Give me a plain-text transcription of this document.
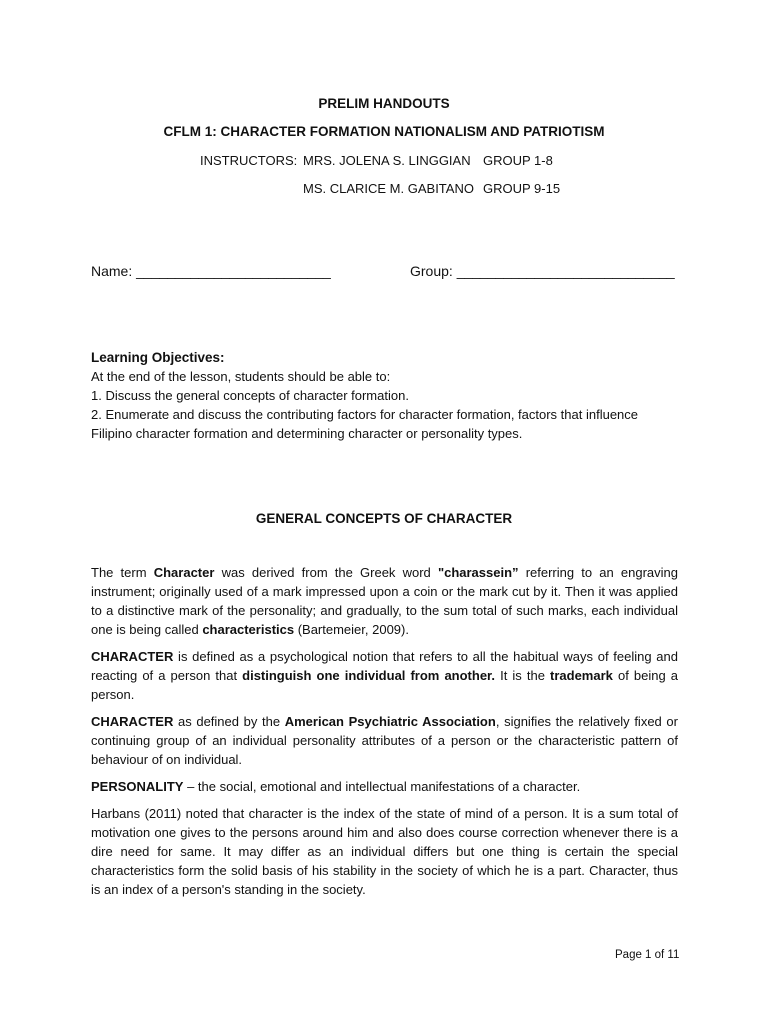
PRELIM HANDOUTS
CFLM 1: CHARACTER FORMATION NATIONALISM AND PATRIOTISM
INSTRUCTORS: MRS. JOLENA S. LINGGIAN GROUP 1-8
MS. CLARICE M. GABITANO GROUP 9-15
Name: _________________________	Group: ____________________________
Learning Objectives:
At the end of the lesson, students should be able to:
1. Discuss the general concepts of character formation.
2. Enumerate and discuss the contributing factors for character formation, factors that influence Filipino character formation and determining character or personality types.
GENERAL CONCEPTS OF CHARACTER

The term Character was derived from the Greek word "charassein” referring to an engraving instrument; originally used of a mark impressed upon a coin or the mark cut by it. Then it was applied to a distinctive mark of the personality; and gradually, to the sum total of such marks, each individual one is being called characteristics (Bartemeier, 2009).

CHARACTER is defined as a psychological notion that refers to all the habitual ways of feeling and reacting of a person that distinguish one individual from another. It is the trademark of being a person.

CHARACTER as defined by the American Psychiatric Association, signifies the relatively fixed or continuing group of an individual personality attributes of a person or the characteristic pattern of behaviour of on individual.

PERSONALITY – the social, emotional and intellectual manifestations of a character.

Harbans (2011) noted that character is the index of the state of mind of a person. It is a sum total of motivation one gives to the persons around him and also does course correction whenever there is a dire need for same. It may differ as an individual differs but one thing is certain the special characteristics form the solid basis of his stability in the society of which he is a part. Character, thus is an index of a person's standing in the society.

Page 1 of 11
